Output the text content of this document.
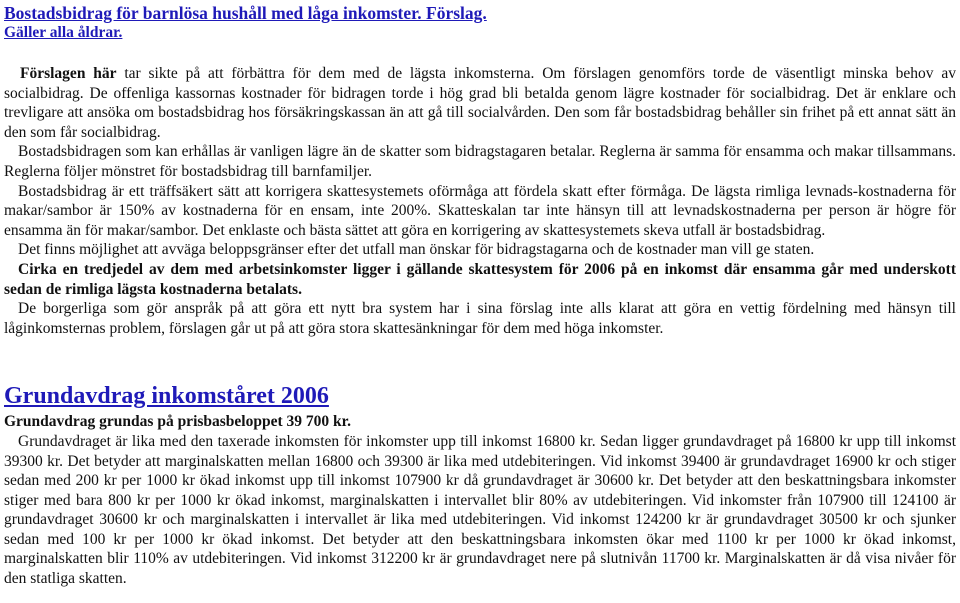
Bostadsbidrag för barnlösa hushåll med låga inkomster. Förslag.
Gäller alla åldrar.

Förslagen här tar sikte på att förbättra för dem med de lägsta inkomsterna. Om förslagen genomförs torde de väsentligt minska behov av socialbidrag. De offenliga kassornas kostnader för bidragen torde i hög grad bli betalda genom lägre kostnader för socialbidrag. Det är enklare och trevligare att ansöka om bostadsbidrag hos försäkringskassan än att gå till socialvården. Den som får bostadsbidrag behåller sin frihet på ett annat sätt än den som får socialbidrag.

Bostadsbidragen som kan erhållas är vanligen lägre än de skatter som bidragstagaren betalar. Reglerna är samma för ensamma och makar tillsammans. Reglerna följer mönstret för bostadsbidrag till barnfamiljer.

Bostadsbidrag är ett träffsäkert sätt att korrigera skattesystemets oförmåga att fördela skatt efter förmåga. De lägsta rimliga levnads-kostnaderna för makar/sambor är 150% av kostnaderna för en ensam, inte 200%. Skatteskalan tar inte hänsyn till att levnadskostnaderna per person är högre för ensamma än för makar/sambor. Det enklaste och bästa sättet att göra en korrigering av skattesystemets skeva utfall är bostadsbidrag.

Det finns möjlighet att avväga beloppsgränser efter det utfall man önskar för bidragstagarna och de kostnader man vill ge staten.

Cirka en tredjedel av dem med arbetsinkomster ligger i gällande skattesystem för 2006 på en inkomst där ensamma går med underskott sedan de rimliga lägsta kostnaderna betalats.

De borgerliga som gör anspråk på att göra ett nytt bra system har i sina förslag inte alls klarat att göra en vettig fördelning med hänsyn till låginkomsternas problem, förslagen går ut på att göra stora skattesänkningar för dem med höga inkomster.

Grundavdrag inkomståret 2006
Grundavdrag grundas på prisbasbeloppet 39 700 kr.

Grundavdraget är lika med den taxerade inkomsten för inkomster upp till inkomst 16800 kr. Sedan ligger grundavdraget på 16800 kr upp till inkomst 39300 kr. Det betyder att marginalskatten mellan 16800 och 39300 är lika med utdebiteringen. Vid inkomst 39400 är grundavdraget 16900 kr och stiger sedan med 200 kr per 1000 kr ökad inkomst upp till inkomst 107900 kr då grundavdraget är 30600 kr. Det betyder att den beskattningsbara inkomster stiger med bara 800 kr per 1000 kr ökad inkomst, marginalskatten i intervallet blir 80% av utdebiteringen. Vid inkomster från 107900 till 124100 är grundavdraget 30600 kr och marginalskatten i intervallet är lika med utdebiteringen. Vid inkomst 124200 kr är grundavdraget 30500 kr och sjunker sedan med 100 kr per 1000 kr ökad inkomst. Det betyder att den beskattningsbara inkomsten ökar med 1100 kr per 1000 kr ökad inkomst, marginalskatten blir 110% av utdebiteringen. Vid inkomst 312200 kr är grundavdraget nere på slutnivån 11700 kr. Marginalskatten är då visa nivåer för den statliga skatten.
